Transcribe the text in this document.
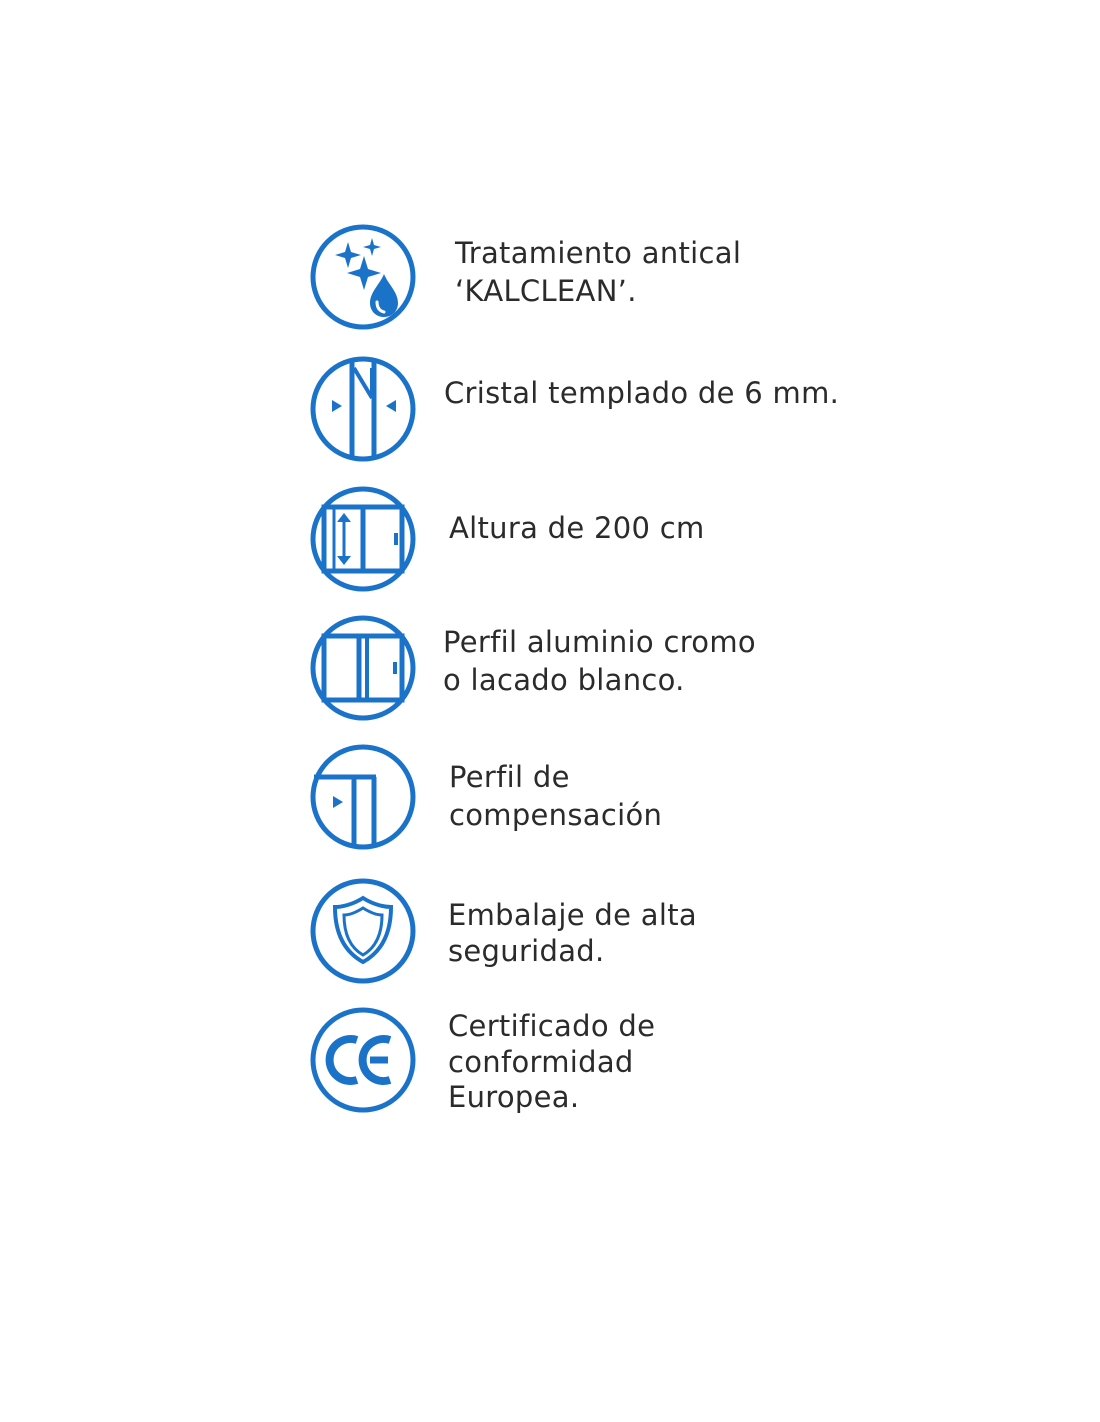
Tratamiento antical
‘KALCLEAN’.
Cristal templado de 6 mm.
Altura de 200 cm
Perfil aluminio cromo
o lacado blanco.
Perfil de
compensación
Embalaje de alta
seguridad.
Certificado de
conformidad
Europea.
